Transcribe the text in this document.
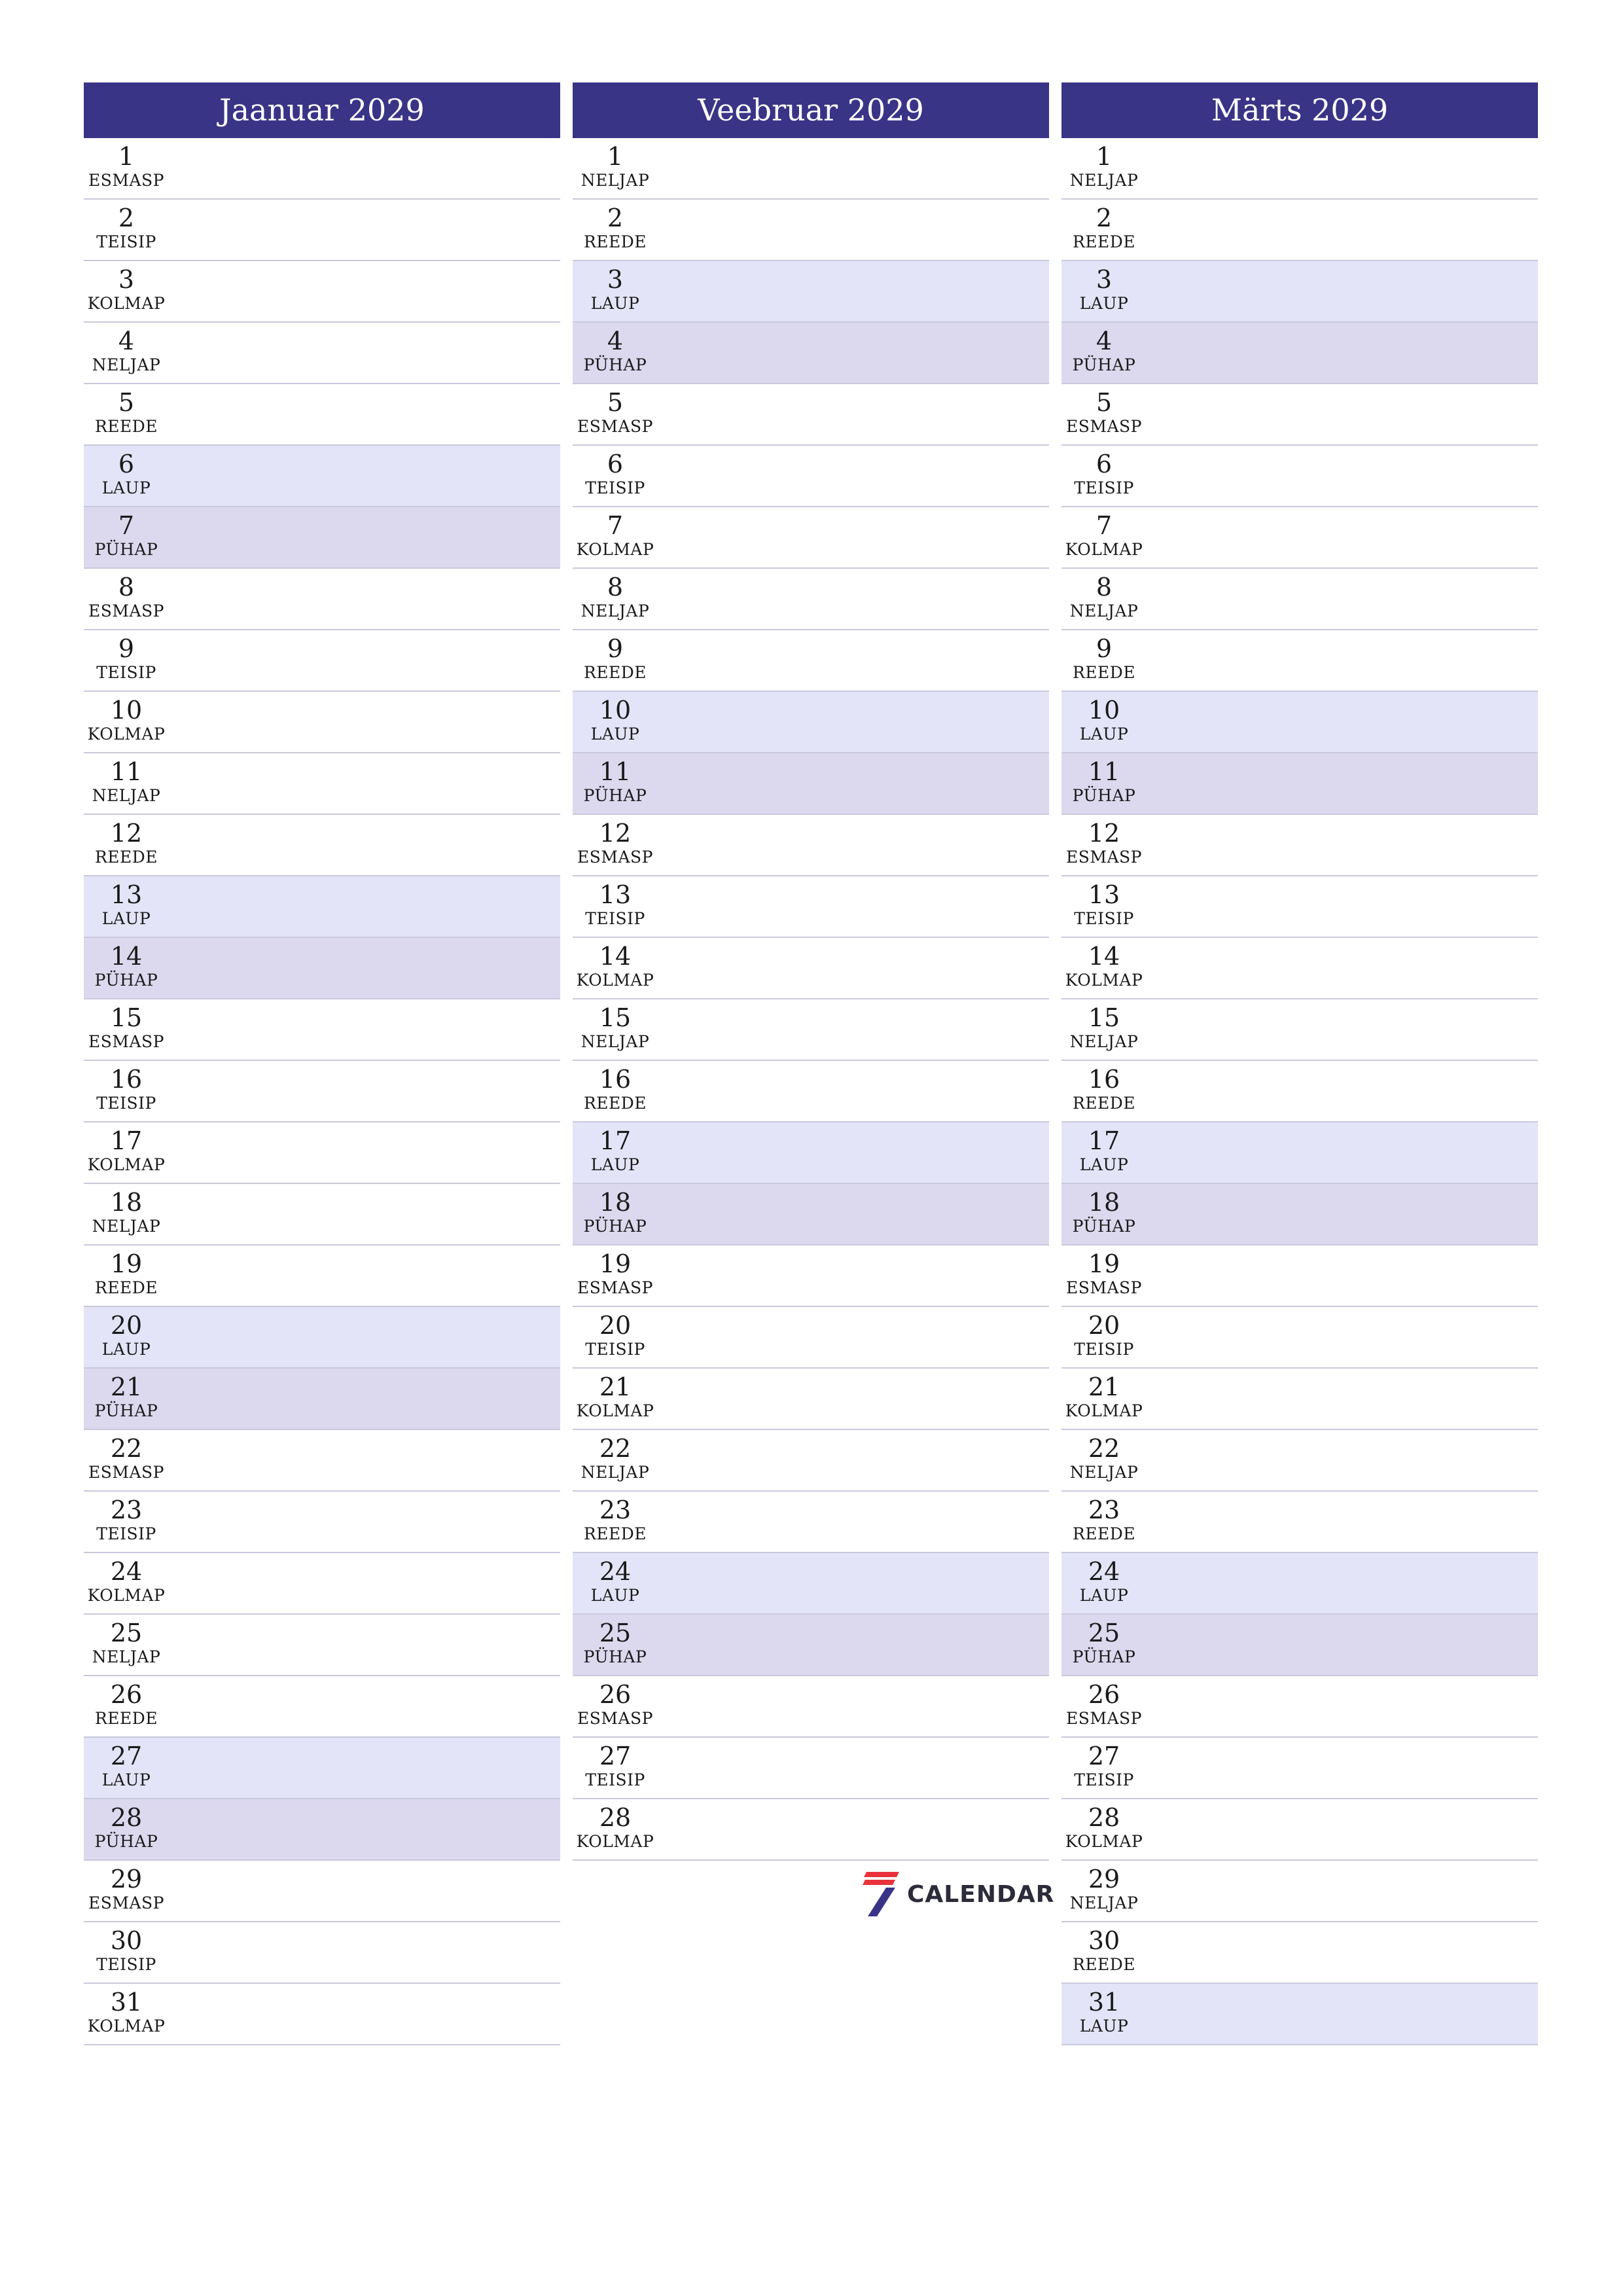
Jaanuar 2029
1
ESMASP
2
TEISIP
3
KOLMAP
4
NELJAP
5
REEDE
6
LAUP
7
PÜHAP
8
ESMASP
9
TEISIP
10
KOLMAP
11
NELJAP
12
REEDE
13
LAUP
14
PÜHAP
15
ESMASP
16
TEISIP
17
KOLMAP
18
NELJAP
19
REEDE
20
LAUP
21
PÜHAP
22
ESMASP
23
TEISIP
24
KOLMAP
25
NELJAP
26
REEDE
27
LAUP
28
PÜHAP
29
ESMASP
30
TEISIP
31
KOLMAP
Veebruar 2029
1
NELJAP
2
REEDE
3
LAUP
4
PÜHAP
5
ESMASP
6
TEISIP
7
KOLMAP
8
NELJAP
9
REEDE
10
LAUP
11
PÜHAP
12
ESMASP
13
TEISIP
14
KOLMAP
15
NELJAP
16
REEDE
17
LAUP
18
PÜHAP
19
ESMASP
20
TEISIP
21
KOLMAP
22
NELJAP
23
REEDE
24
LAUP
25
PÜHAP
26
ESMASP
27
TEISIP
28
KOLMAP
Märts 2029
1
NELJAP
2
REEDE
3
LAUP
4
PÜHAP
5
ESMASP
6
TEISIP
7
KOLMAP
8
NELJAP
9
REEDE
10
LAUP
11
PÜHAP
12
ESMASP
13
TEISIP
14
KOLMAP
15
NELJAP
16
REEDE
17
LAUP
18
PÜHAP
19
ESMASP
20
TEISIP
21
KOLMAP
22
NELJAP
23
REEDE
24
LAUP
25
PÜHAP
26
ESMASP
27
TEISIP
28
KOLMAP
29
NELJAP
30
REEDE
31
LAUP
CALENDAR
